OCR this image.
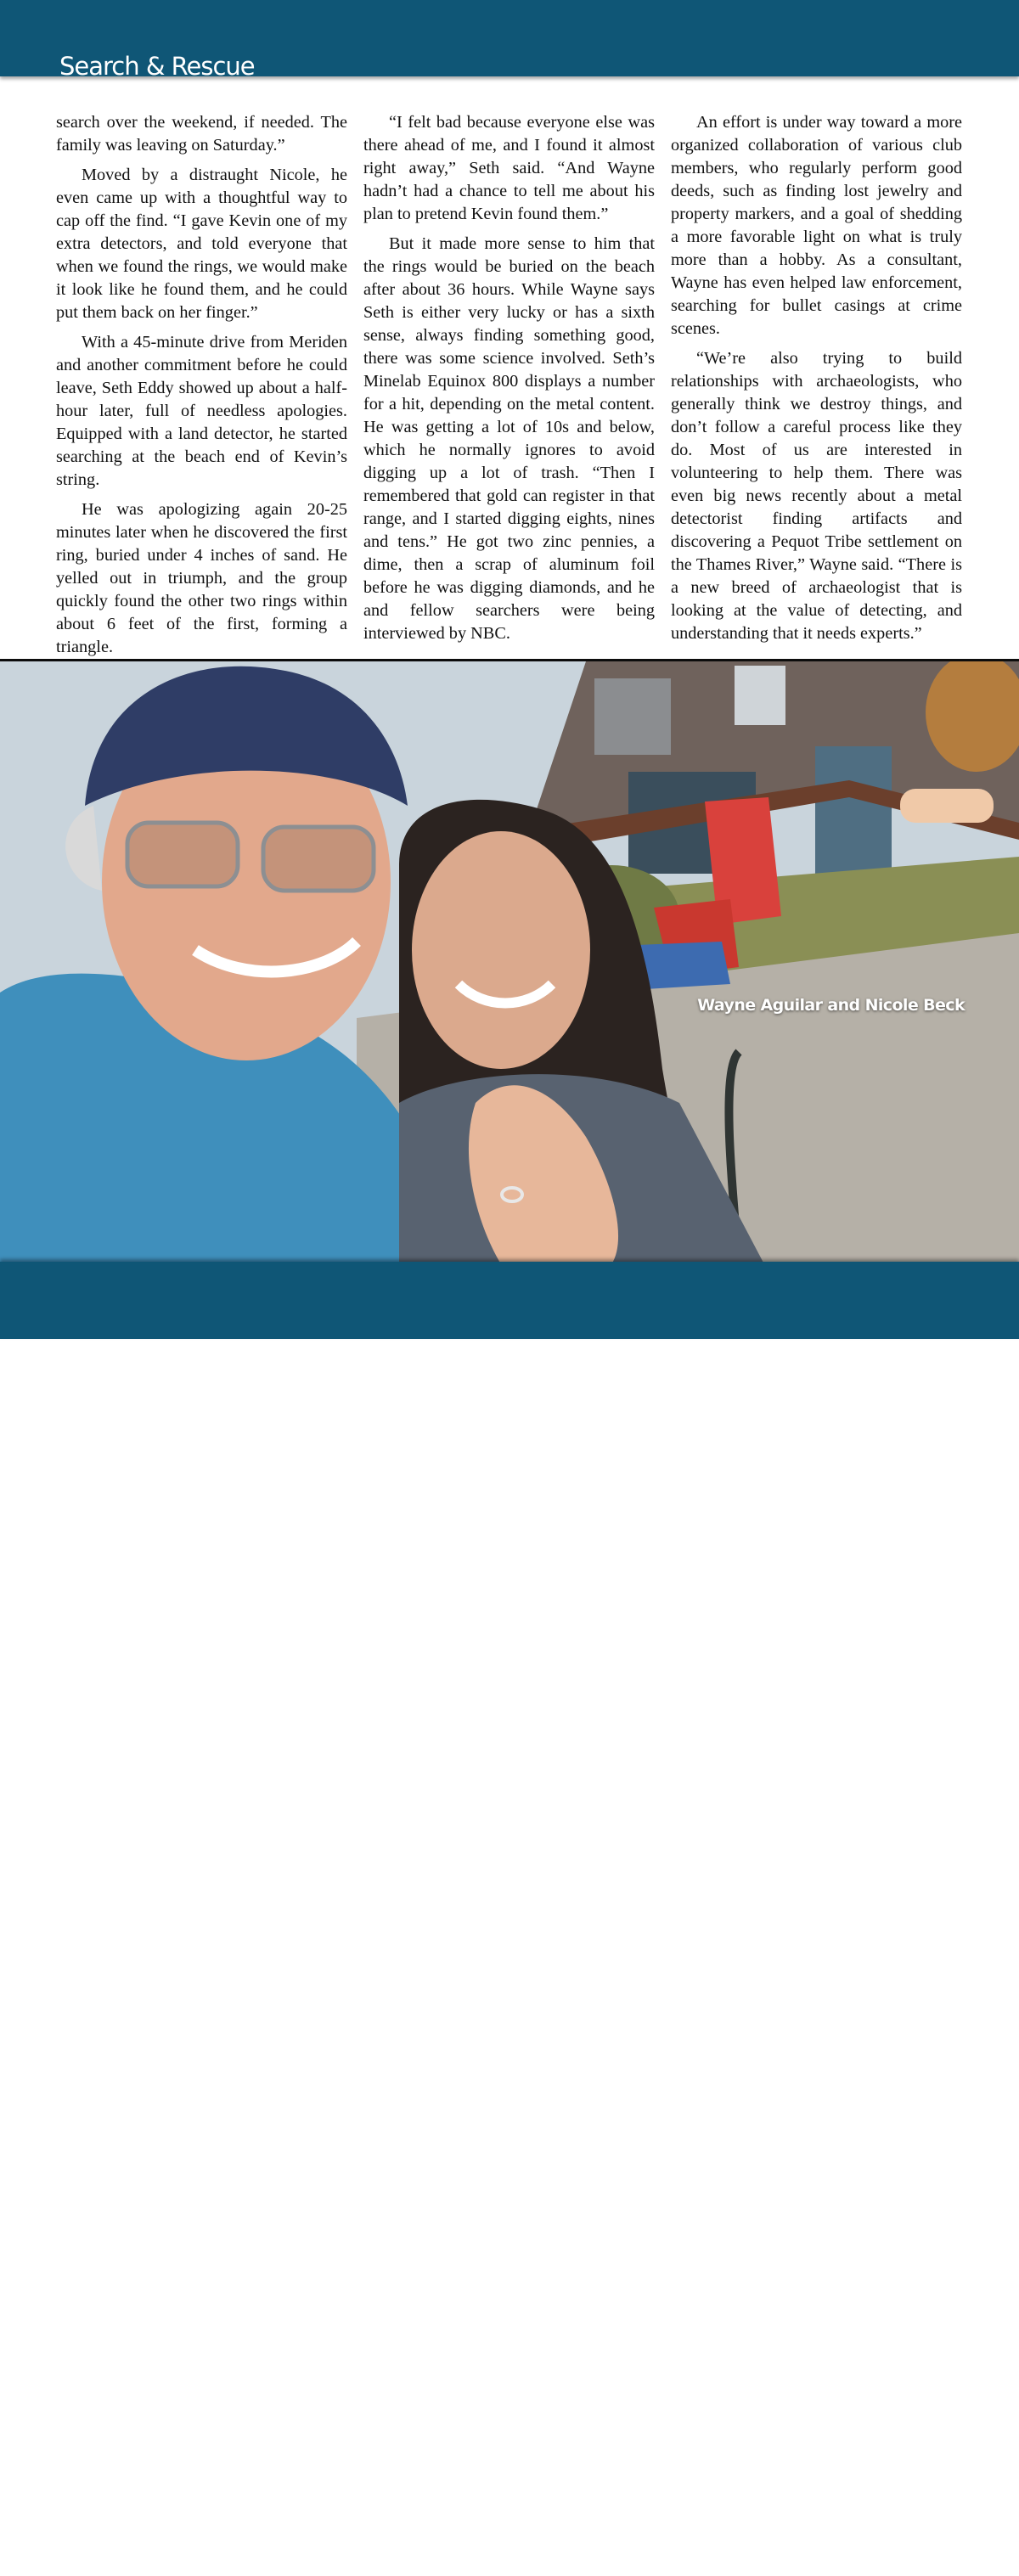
Search & Rescue

search over the weekend, if needed. The family was leaving on Saturday.”

Moved by a distraught Nicole, he even came up with a thoughtful way to cap off the find. “I gave Kevin one of my extra detectors, and told everyone that when we found the rings, we would make it look like he found them, and he could put them back on her finger.”

With a 45-minute drive from Meriden and another commitment before he could leave, Seth Eddy showed up about a half-hour later, full of needless apologies. Equipped with a land detector, he started searching at the beach end of Kevin’s string.

He was apologizing again 20-25 minutes later when he discovered the first ring, buried under 4 inches of sand. He yelled out in triumph, and the group quickly found the other two rings within about 6 feet of the first, forming a triangle.

“I felt bad because everyone else was there ahead of me, and I found it almost right away,” Seth said. “And Wayne hadn’t had a chance to tell me about his plan to pretend Kevin found them.”

But it made more sense to him that the rings would be buried on the beach after about 36 hours. While Wayne says Seth is either very lucky or has a sixth sense, always finding something good, there was some science involved. Seth’s Minelab Equinox 800 displays a number for a hit, depending on the metal content. He was getting a lot of 10s and below, which he normally ignores to avoid digging up a lot of trash. “Then I remembered that gold can register in that range, and I started digging eights, nines and tens.” He got two zinc pennies, a dime, then a scrap of aluminum foil before he was digging diamonds, and he and fellow searchers were being interviewed by NBC.

An effort is under way toward a more organized collaboration of various club members, who regularly perform good deeds, such as finding lost jewelry and property markers, and a goal of shedding a more favorable light on what is truly more than a hobby. As a consultant, Wayne has even helped law enforcement, searching for bullet casings at crime scenes.

“We’re also trying to build relationships with archaeologists, who generally think we destroy things, and don’t follow a careful process like they do. Most of us are interested in volunteering to help them. There was even big news recently about a metal detectorist finding artifacts and discovering a Pequot Tribe settlement on the Thames River,” Wayne said. “There is a new breed of archaeologist that is looking at the value of detecting, and understanding that it needs experts.”

Wayne Aguilar and Nicole Beck
26 November/December 2022
